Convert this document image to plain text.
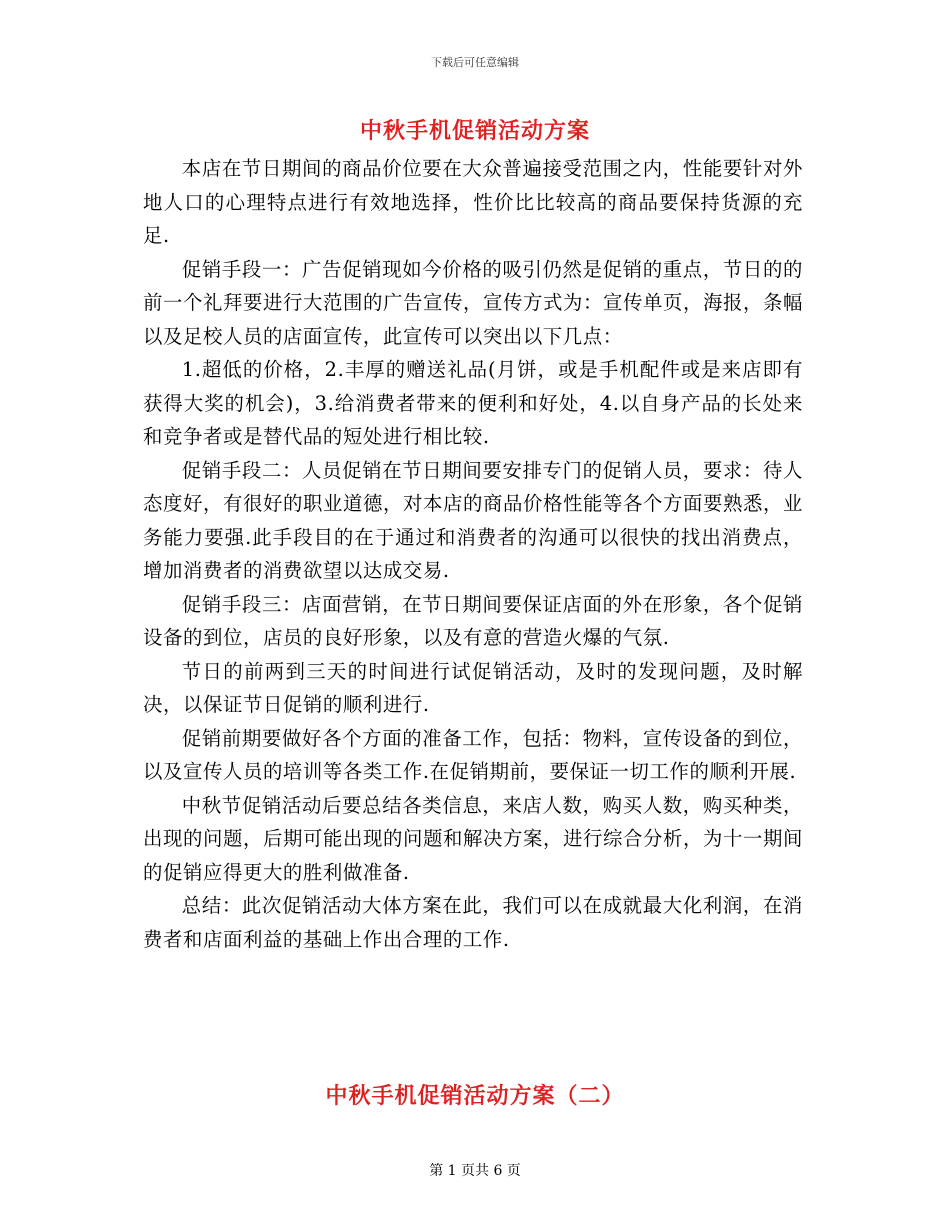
下载后可任意编辑
中秋手机促销活动方案

本店在节日期间的商品价位要在大众普遍接受范围之内，性能要针对外地人口的心理特点进行有效地选择，性价比比较高的商品要保持货源的充足.

促销手段一：广告促销现如今价格的吸引仍然是促销的重点，节日的的前一个礼拜要进行大范围的广告宣传，宣传方式为：宣传单页，海报，条幅以及足校人员的店面宣传，此宣传可以突出以下几点：

1.超低的价格，2.丰厚的赠送礼品(月饼，或是手机配件或是来店即有获得大奖的机会)，3.给消费者带来的便利和好处，4.以自身产品的长处来和竞争者或是替代品的短处进行相比较.

促销手段二：人员促销在节日期间要安排专门的促销人员，要求：待人态度好，有很好的职业道德，对本店的商品价格性能等各个方面要熟悉，业务能力要强.此手段目的在于通过和消费者的沟通可以很快的找出消费点，增加消费者的消费欲望以达成交易.

促销手段三：店面营销，在节日期间要保证店面的外在形象，各个促销设备的到位，店员的良好形象，以及有意的营造火爆的气氛.

节日的前两到三天的时间进行试促销活动，及时的发现问题，及时解决，以保证节日促销的顺利进行.

促销前期要做好各个方面的准备工作，包括：物料，宣传设备的到位，以及宣传人员的培训等各类工作.在促销期前，要保证一切工作的顺利开展.

中秋节促销活动后要总结各类信息，来店人数，购买人数，购买种类，出现的问题，后期可能出现的问题和解决方案，进行综合分析，为十一期间的促销应得更大的胜利做准备.

总结：此次促销活动大体方案在此，我们可以在成就最大化利润，在消费者和店面利益的基础上作出合理的工作.

中秋手机促销活动方案（二）
第 1 页共 6 页
